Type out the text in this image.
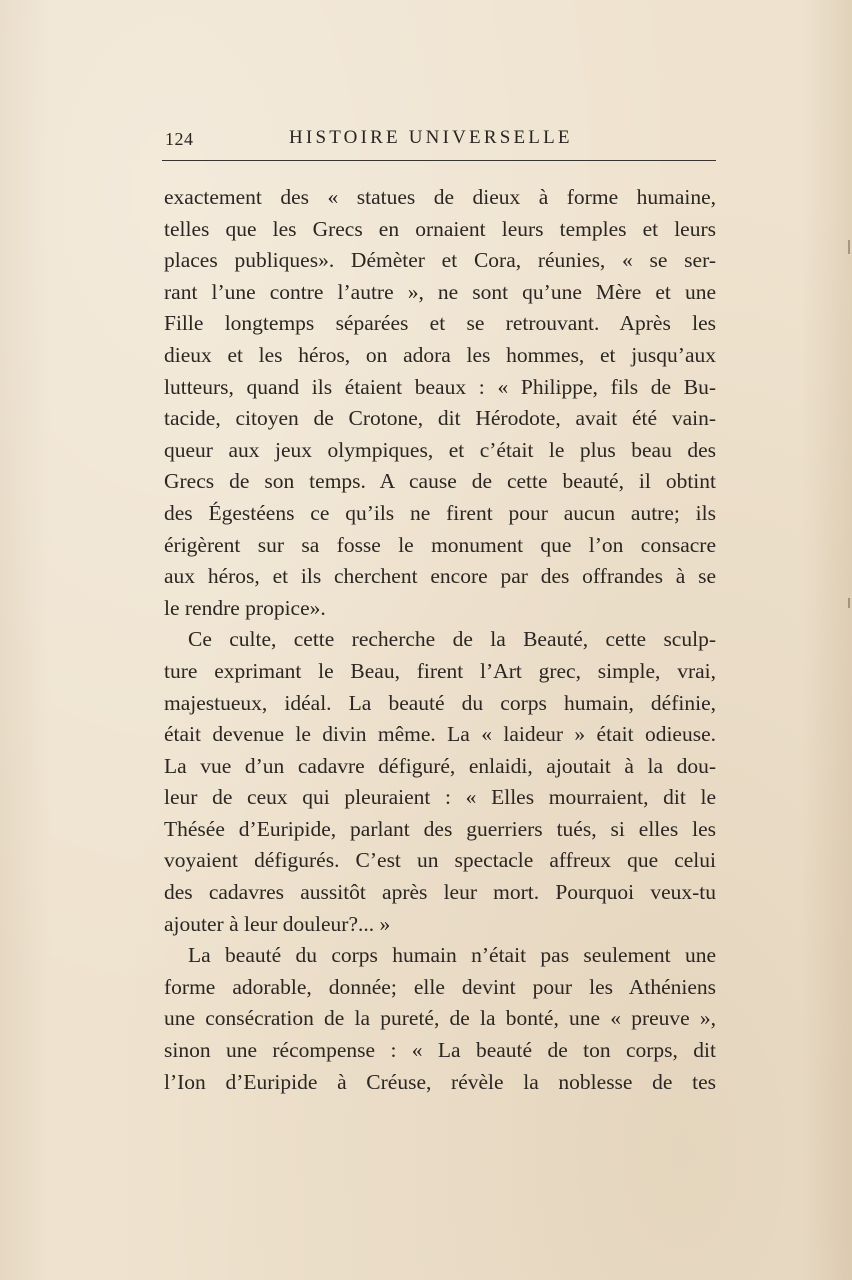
124	HISTOIRE UNIVERSELLE
exactement des « statues de dieux à forme humaine,
telles que les Grecs en ornaient leurs temples et leurs
places publiques». Démèter et Cora, réunies, « se ser-
rant l’une contre l’autre », ne sont qu’une Mère et une
Fille longtemps séparées et se retrouvant. Après les
dieux et les héros, on adora les hommes, et jusqu’aux
lutteurs, quand ils étaient beaux : « Philippe, fils de Bu-
tacide, citoyen de Crotone, dit Hérodote, avait été vain-
queur aux jeux olympiques, et c’était le plus beau des
Grecs de son temps. A cause de cette beauté, il obtint
des Égestéens ce qu’ils ne firent pour aucun autre; ils
érigèrent sur sa fosse le monument que l’on consacre
aux héros, et ils cherchent encore par des offrandes à se
le rendre propice».
Ce culte, cette recherche de la Beauté, cette sculp-
ture exprimant le Beau, firent l’Art grec, simple, vrai,
majestueux, idéal. La beauté du corps humain, définie,
était devenue le divin même. La « laideur » était odieuse.
La vue d’un cadavre défiguré, enlaidi, ajoutait à la dou-
leur de ceux qui pleuraient : « Elles mourraient, dit le
Thésée d’Euripide, parlant des guerriers tués, si elles les
voyaient défigurés. C’est un spectacle affreux que celui
des cadavres aussitôt après leur mort. Pourquoi veux-tu
ajouter à leur douleur?... »
La beauté du corps humain n’était pas seulement une
forme adorable, donnée; elle devint pour les Athéniens
une consécration de la pureté, de la bonté, une « preuve »,
sinon une récompense : « La beauté de ton corps, dit
l’Ion d’Euripide à Créuse, révèle la noblesse de tes
